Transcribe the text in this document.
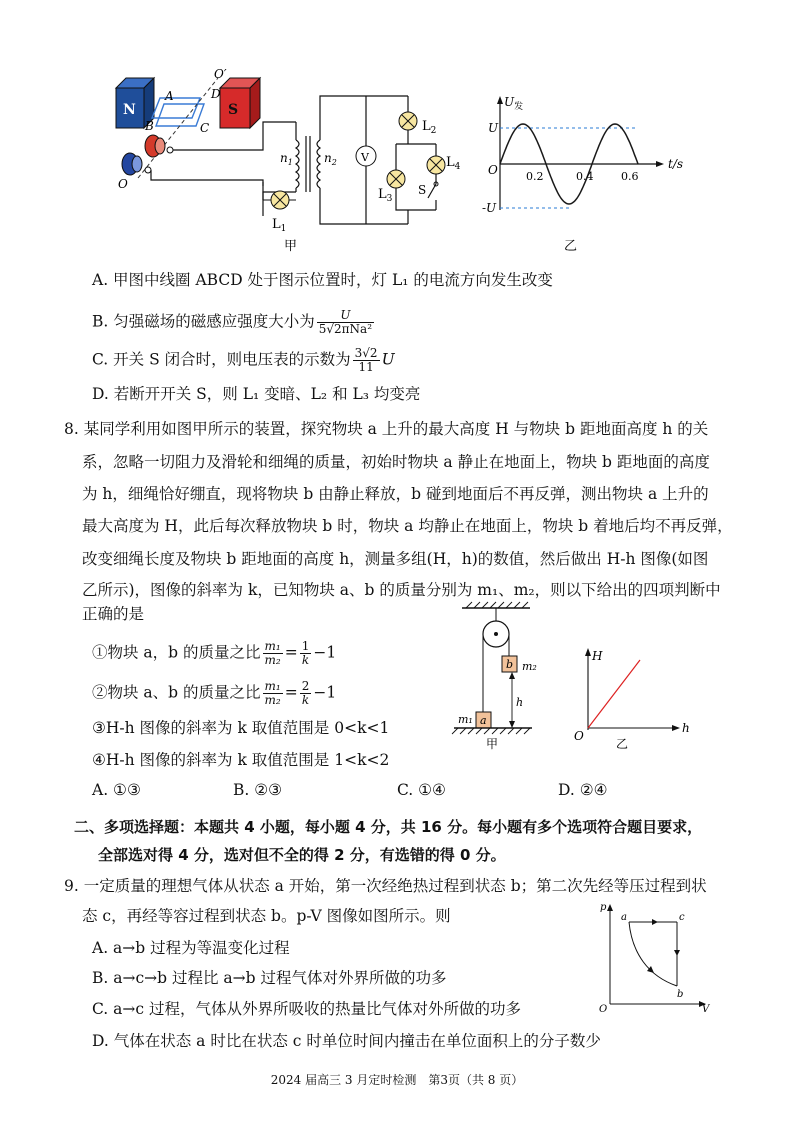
N	S
A
B	C
D
O′
O
$L_1$
甲
$n_1$	$n_2$ V
$L_2$
$L_3$
$L_4$
S
$U_发$
t/s
U
-U
O	0.2	0.4	0.6
乙
A. 甲图中线圈 ABCD 处于图示位置时，灯 L₁ 的电流方向发生改变
B. 匀强磁场的磁感应强度大小为 $\frac{U}{\text{5√2πNa²}}$
C. 开关 S 闭合时，则电压表的示数为 $\frac{3√2}{11}$ U
D. 若断开开关 S，则 L₁ 变暗、L₂ 和 L₃ 均变亮
8. 某同学利用如图甲所示的装置，探究物块 a 上升的最大高度 H 与物块 b 距地面高度 h 的关
系，忽略一切阻力及滑轮和细绳的质量，初始时物块 a 静止在地面上，物块 b 距地面的高度
为 h，细绳恰好绷直，现将物块 b 由静止释放，b 碰到地面后不再反弹，测出物块 a 上升的
最大高度为 H，此后每次释放物块 b 时，物块 a 均静止在地面上，物块 b 着地后均不再反弹，
改变细绳长度及物块 b 距地面的高度 h，测量多组(H，h)的数值，然后做出 H-h 图像(如图
乙所示)，图像的斜率为 k，已知物块 a、b 的质量分别为 m₁、m₂，则以下给出的四项判断中
正确的是
①物块 a，b 的质量之比 $\frac{\text{m₁}}{\text{m₂}} = \frac{1}{k} -1$
②物块 a、b 的质量之比 $\frac{\text{m₁}}{\text{m₂}} = \frac{2}{k} -1$
③H-h 图像的斜率为 k 取值范围是 0<k<1
④H-h 图像的斜率为 k 取值范围是 1<k<2
b m₂
h
a
m₁
甲
H
O
h
乙
A. ①③	B. ②③	C. ①④	D. ②④
二、多项选择题：本题共 4 小题，每小题 4 分，共 16 分。每小题有多个选项符合题目要求，
全部选对得 4 分，选对但不全的得 2 分，有选错的得 0 分。
9. 一定质量的理想气体从状态 a 开始，第一次经绝热过程到状态 b；第二次先经等压过程到状
态 c，再经等容过程到状态 b。p-V 图像如图所示。则
A. a→b 过程为等温变化过程
B. a→c→b 过程比 a→b 过程气体对外界所做的功多
C. a→c 过程，气体从外界所吸收的热量比气体对外所做的功多
D. 气体在状态 a 时比在状态 c 时单位时间内撞击在单位面积上的分子数少
p
a	c
b
O	V
2024 届高三 3 月定时检测　第3页（共 8 页）
